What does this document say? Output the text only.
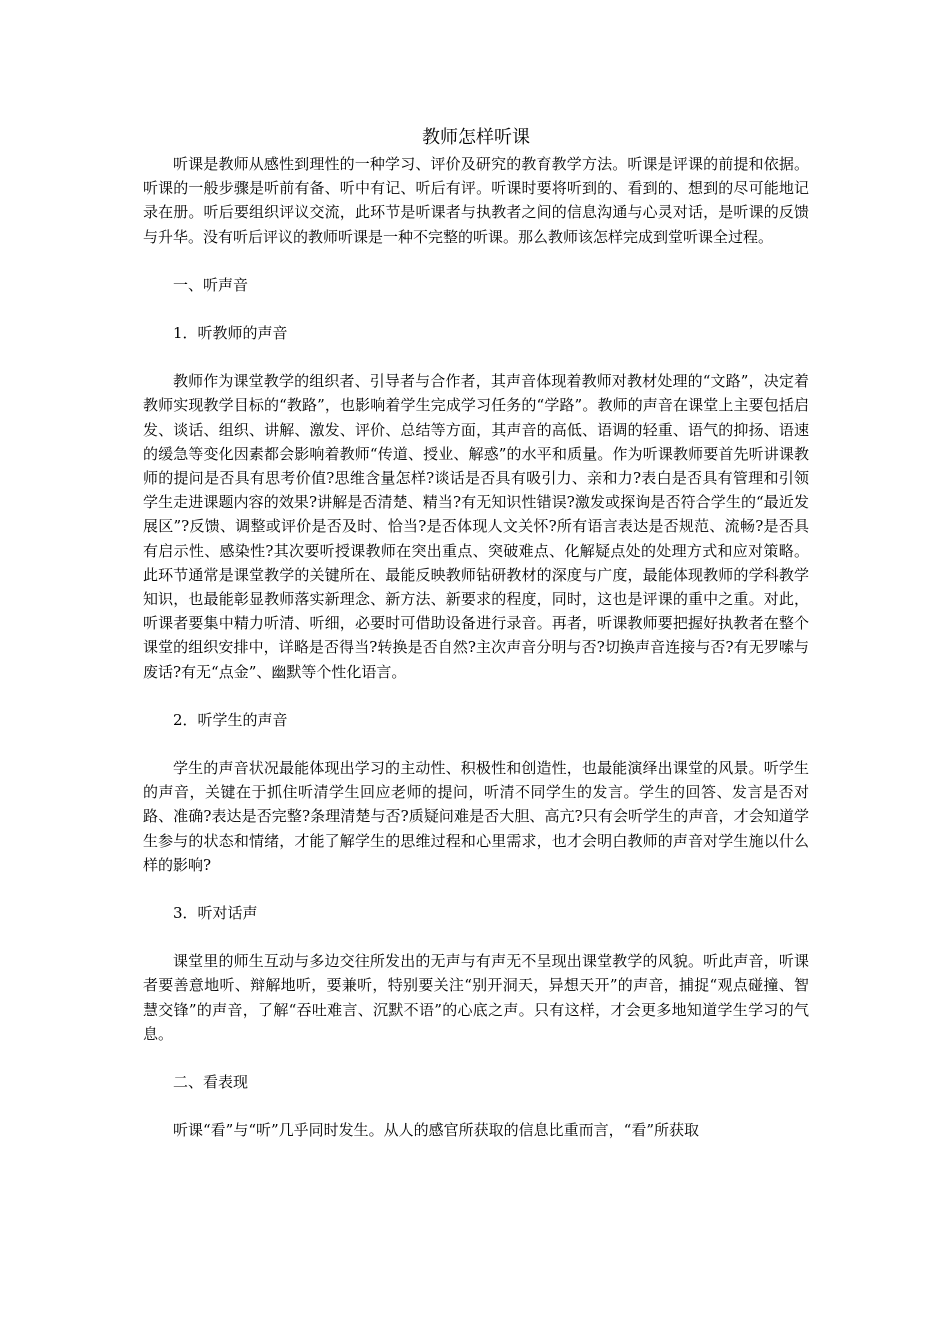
教师怎样听课

听课是教师从感性到理性的一种学习、评价及研究的教育教学方法。听课是评课的前提和依据。听课的一般步骤是听前有备、听中有记、听后有评。听课时要将听到的、看到的、想到的尽可能地记录在册。听后要组织评议交流，此环节是听课者与执教者之间的信息沟通与心灵对话，是听课的反馈与升华。没有听后评议的教师听课是一种不完整的听课。那么教师该怎样完成到堂听课全过程。

一、听声音

1．听教师的声音

教师作为课堂教学的组织者、引导者与合作者，其声音体现着教师对教材处理的“文路”，决定着教师实现教学目标的“教路”，也影响着学生完成学习任务的“学路”。教师的声音在课堂上主要包括启发、谈话、组织、讲解、激发、评价、总结等方面，其声音的高低、语调的轻重、语气的抑扬、语速的缓急等变化因素都会影响着教师“传道、授业、解惑”的水平和质量。作为听课教师要首先听讲课教师的提问是否具有思考价值?思维含量怎样?谈话是否具有吸引力、亲和力?表白是否具有管理和引领学生走进课题内容的效果?讲解是否清楚、精当?有无知识性错误?激发或探询是否符合学生的“最近发展区”?反馈、调整或评价是否及时、恰当?是否体现人文关怀?所有语言表达是否规范、流畅?是否具有启示性、感染性?其次要听授课教师在突出重点、突破难点、化解疑点处的处理方式和应对策略。此环节通常是课堂教学的关键所在、最能反映教师钻研教材的深度与广度，最能体现教师的学科教学知识，也最能彰显教师落实新理念、新方法、新要求的程度，同时，这也是评课的重中之重。对此，听课者要集中精力听清、听细，必要时可借助设备进行录音。再者，听课教师要把握好执教者在整个课堂的组织安排中，详略是否得当?转换是否自然?主次声音分明与否?切换声音连接与否?有无罗嗦与废话?有无“点金”、幽默等个性化语言。

2．听学生的声音

学生的声音状况最能体现出学习的主动性、积极性和创造性，也最能演绎出课堂的风景。听学生的声音，关键在于抓住听清学生回应老师的提问，听清不同学生的发言。学生的回答、发言是否对路、准确?表达是否完整?条理清楚与否?质疑问难是否大胆、高亢?只有会听学生的声音，才会知道学生参与的状态和情绪，才能了解学生的思维过程和心里需求，也才会明白教师的声音对学生施以什么样的影响?

3．听对话声

课堂里的师生互动与多边交往所发出的无声与有声无不呈现出课堂教学的风貌。听此声音，听课者要善意地听、辩解地听，要兼听，特别要关注“别开洞天，异想天开”的声音，捕捉“观点碰撞、智慧交锋”的声音，了解“吞吐难言、沉默不语”的心底之声。只有这样，才会更多地知道学生学习的气息。

二、看表现

听课“看”与“听”几乎同时发生。从人的感官所获取的信息比重而言，“看”所获取
